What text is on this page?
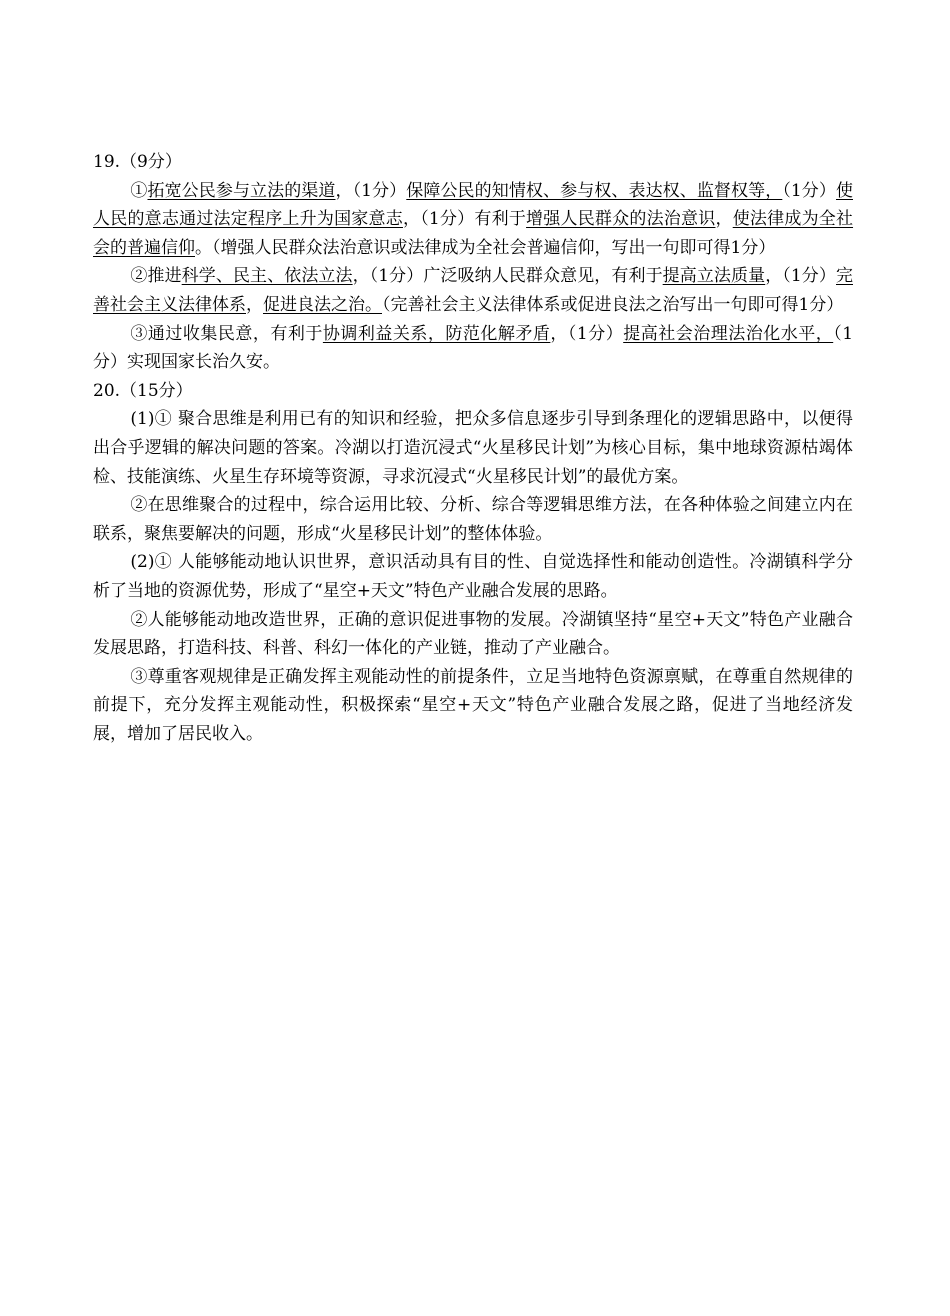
19.（9分）

①拓宽公民参与立法的渠道，（1分）保障公民的知情权、参与权、表达权、监督权等，（1分）使人民的意志通过法定程序上升为国家意志，（1分）有利于增强人民群众的法治意识，使法律成为全社会的普遍信仰。（增强人民群众法治意识或法律成为全社会普遍信仰，写出一句即可得1分）

②推进科学、民主、依法立法，（1分）广泛吸纳人民群众意见，有利于提高立法质量，（1分）完善社会主义法律体系，促进良法之治。（完善社会主义法律体系或促进良法之治写出一句即可得1分）

③通过收集民意，有利于协调利益关系，防范化解矛盾，（1分）提高社会治理法治化水平，（1分）实现国家长治久安。

20.（15分）

(1)① 聚合思维是利用已有的知识和经验，把众多信息逐步引导到条理化的逻辑思路中，以便得出合乎逻辑的解决问题的答案。冷湖以打造沉浸式“火星移民计划”为核心目标，集中地球资源枯竭体检、技能演练、火星生存环境等资源，寻求沉浸式“火星移民计划”的最优方案。

②在思维聚合的过程中，综合运用比较、分析、综合等逻辑思维方法，在各种体验之间建立内在联系，聚焦要解决的问题，形成“火星移民计划”的整体体验。

(2)① 人能够能动地认识世界，意识活动具有目的性、自觉选择性和能动创造性。冷湖镇科学分析了当地的资源优势，形成了“星空+天文”特色产业融合发展的思路。

②人能够能动地改造世界，正确的意识促进事物的发展。冷湖镇坚持“星空+天文”特色产业融合发展思路，打造科技、科普、科幻一体化的产业链，推动了产业融合。

③尊重客观规律是正确发挥主观能动性的前提条件，立足当地特色资源禀赋，在尊重自然规律的前提下，充分发挥主观能动性，积极探索“星空+天文”特色产业融合发展之路，促进了当地经济发展，增加了居民收入。
